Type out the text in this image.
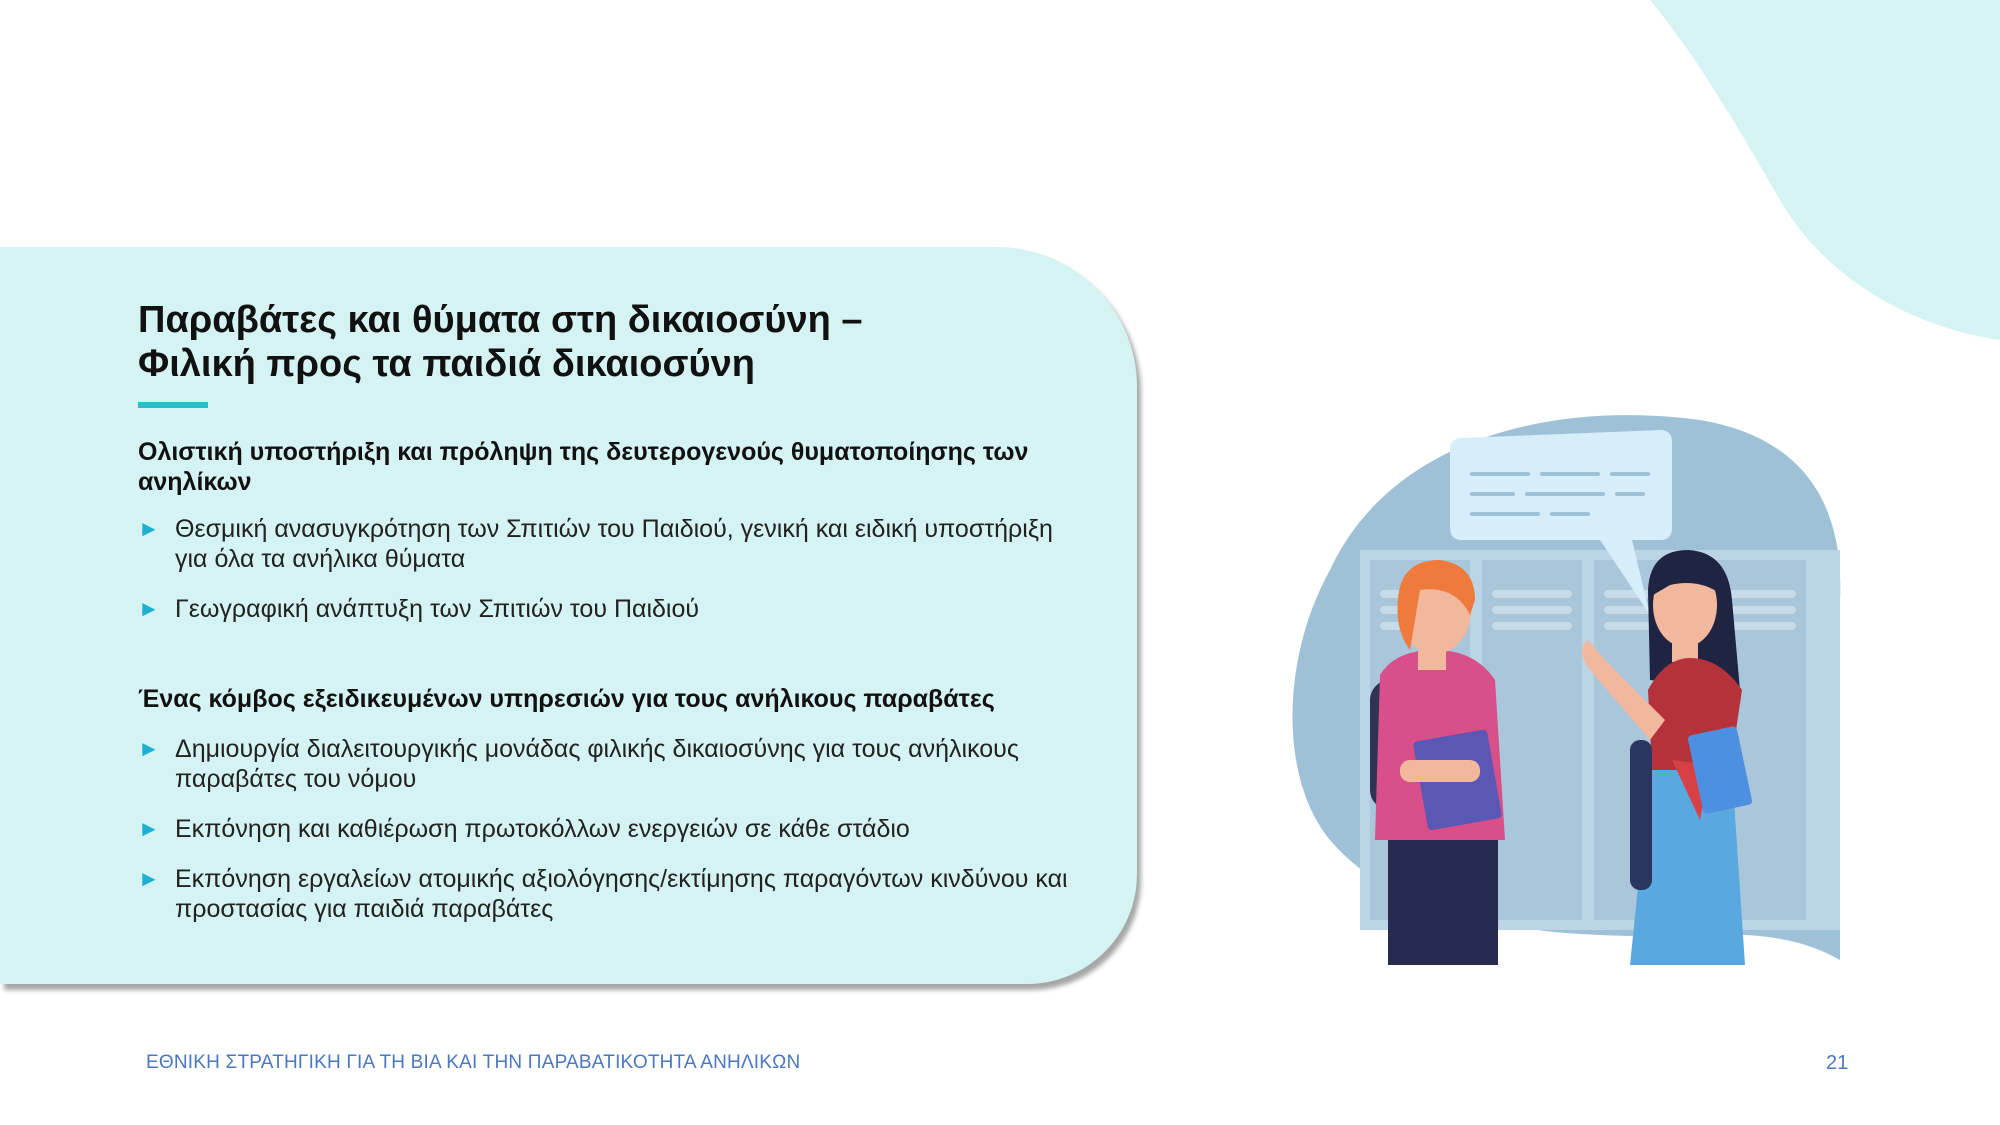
Παραβάτες και θύματα στη δικαιοσύνη –
Φιλική προς τα παιδιά δικαιοσύνη
Ολιστική υποστήριξη και πρόληψη της δευτερογενούς θυματοποίησης των ανηλίκων
► Θεσμική ανασυγκρότηση των Σπιτιών του Παιδιού, γενική και ειδική υποστήριξη για όλα τα ανήλικα θύματα
► Γεωγραφική ανάπτυξη των Σπιτιών του Παιδιού
Ένας κόμβος εξειδικευμένων υπηρεσιών για τους ανήλικους παραβάτες
► Δημιουργία διαλειτουργικής μονάδας φιλικής δικαιοσύνης για τους ανήλικους παραβάτες του νόμου
► Εκπόνηση και καθιέρωση πρωτοκόλλων ενεργειών σε κάθε στάδιο
► Εκπόνηση εργαλείων ατομικής αξιολόγησης/εκτίμησης παραγόντων κινδύνου και προστασίας για παιδιά παραβάτες
ΕΘΝΙΚΗ ΣΤΡΑΤΗΓΙΚΗ ΓΙΑ ΤΗ ΒΙΑ ΚΑΙ ΤΗΝ ΠΑΡΑΒΑΤΙΚΟΤΗΤΑ ΑΝΗΛΙΚΩΝ	21
